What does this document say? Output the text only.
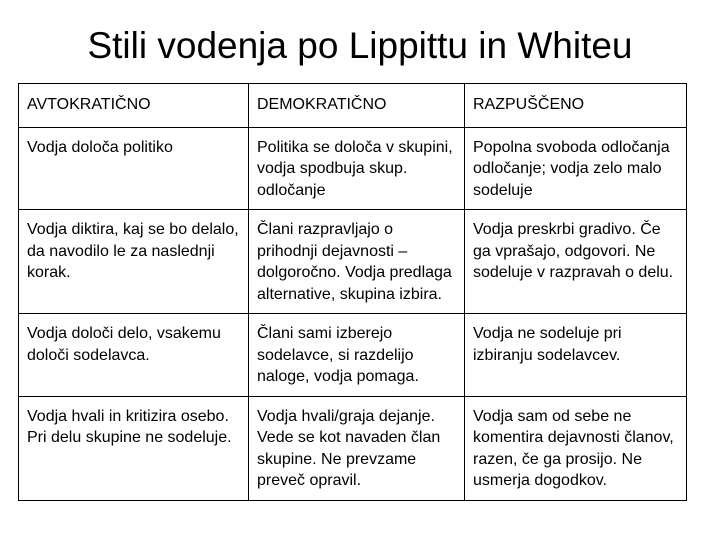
Stili vodenja po Lippittu in Whiteu
AVTOKRATIČNO	DEMOKRATIČNO	RAZPUŠČENO

Vodja določa politiko	Politika se določa v skupini, vodja spodbuja skup. odločanje	Popolna svoboda odločanja odločanje; vodja zelo malo sodeluje

Vodja diktira, kaj se bo delalo, da navodilo le za naslednji korak.	Člani razpravljajo o prihodnji dejavnosti – dolgoročno. Vodja predlaga alternative, skupina izbira.	Vodja preskrbi gradivo. Če ga vprašajo, odgovori. Ne sodeluje v razpravah o delu.

Vodja določi delo, vsakemu določi sodelavca.	Člani sami izberejo sodelavce, si razdelijo naloge, vodja pomaga.	Vodja ne sodeluje pri izbiranju sodelavcev.

Vodja hvali in kritizira osebo. Pri delu skupine ne sodeluje.	Vodja hvali/graja dejanje. Vede se kot navaden član skupine. Ne prevzame preveč opravil.	Vodja sam od sebe ne komentira dejavnosti članov, razen, če ga prosijo. Ne usmerja dogodkov.
